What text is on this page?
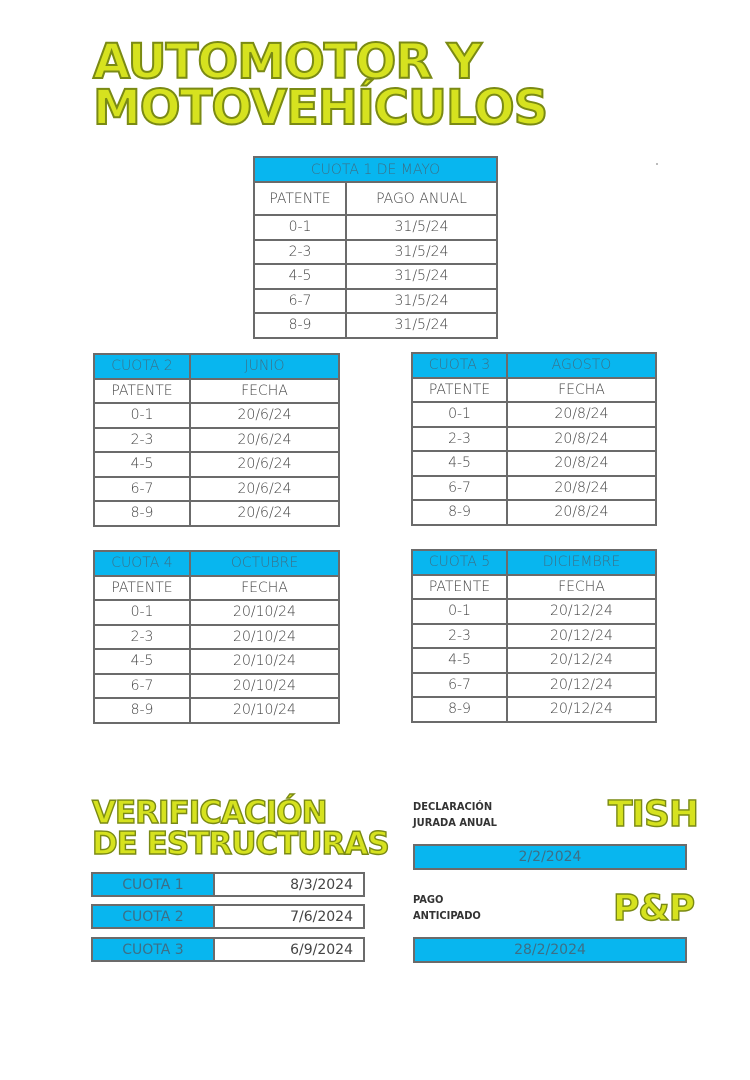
AUTOMOTOR Y
MOTOVEHÍCULOS
CUOTA 1 DE MAYO	
PATENTE	PAGO ANUAL
0-1	31/5/24
2-3	31/5/24
4-5	31/5/24
6-7	31/5/24
8-9	31/5/24
CUOTA 2	JUNIO
PATENTE	FECHA
0-1	20/6/24
2-3	20/6/24
4-5	20/6/24
6-7	20/6/24
8-9	20/6/24
CUOTA 3	AGOSTO
PATENTE	FECHA
0-1	20/8/24
2-3	20/8/24
4-5	20/8/24
6-7	20/8/24
8-9	20/8/24
CUOTA 4	OCTUBRE
PATENTE	FECHA
0-1	20/10/24
2-3	20/10/24
4-5	20/10/24
6-7	20/10/24
8-9	20/10/24
CUOTA 5	DICIEMBRE
PATENTE	FECHA
0-1	20/12/24
2-3	20/12/24
4-5	20/12/24
6-7	20/12/24
8-9	20/12/24
VERIFICACIÓN
DE ESTRUCTURAS
CUOTA 1	8/3/2024
CUOTA 2	7/6/2024
CUOTA 3	6/9/2024
DECLARACIÓN
JURADA ANUAL	TISH
2/2/2024
PAGO
ANTICIPADO	P&P
28/2/2024
